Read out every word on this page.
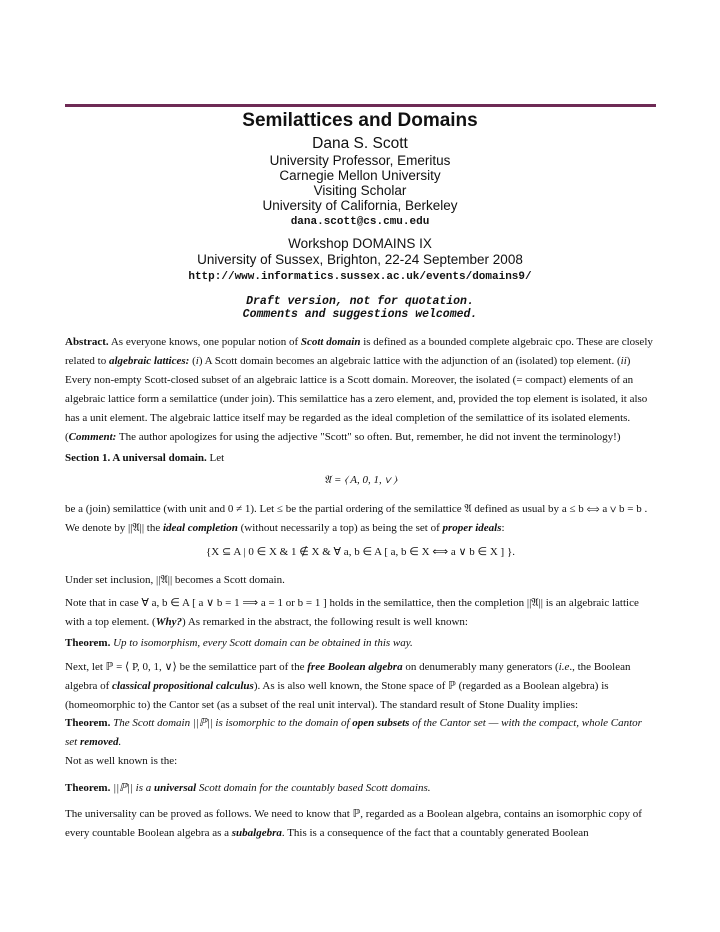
Semilattices and Domains
Dana S. Scott
University Professor, Emeritus
Carnegie Mellon University
Visiting Scholar
University of California, Berkeley
dana.scott@cs.cmu.edu
Workshop DOMAINS IX
University of Sussex, Brighton, 22-24 September 2008
http://www.informatics.sussex.ac.uk/events/domains9/
Draft version, not for quotation.
Comments and suggestions welcomed.
Abstract. As everyone knows, one popular notion of Scott domain is defined as a bounded complete algebraic cpo. These are closely related to algebraic lattices: (i) A Scott domain becomes an algebraic lattice with the adjunction of an (isolated) top element. (ii) Every non-empty Scott-closed subset of an algebraic lattice is a Scott domain. Moreover, the isolated (= compact) elements of an algebraic lattice form a semilattice (under join). This semilattice has a zero element, and, provided the top element is isolated, it also has a unit element. The algebraic lattice itself may be regarded as the ideal completion of the semilattice of its isolated elements. (Comment: The author apologizes for using the adjective "Scott" so often. But, remember, he did not invent the terminology!)
Section 1. A universal domain. Let
𝔄 = ⟨ A, 0, 1, ∨ ⟩
be a (join) semilattice (with unit and 0 ≠ 1). Let ≤ be the partial ordering of the semilattice 𝔄 defined as usual by a ≤ b ⟺ a ∨ b = b . We denote by ||𝔄|| the ideal completion (without necessarily a top) as being the set of proper ideals:
{X ⊆ A | 0 ∈ X & 1 ∉ X & ∀ a, b ∈ A [ a, b ∈ X ⟺ a ∨ b ∈ X ] }.
Under set inclusion, ||𝔄|| becomes a Scott domain.
Note that in case ∀ a, b ∈ A [ a ∨ b = 1 ⟹ a = 1 or b = 1 ] holds in the semilattice, then the completion ||𝔄|| is an algebraic lattice with a top element. (Why?) As remarked in the abstract, the following result is well known:
Theorem. Up to isomorphism, every Scott domain can be obtained in this way.
Next, let ℙ = ⟨ P, 0, 1, ∨⟩ be the semilattice part of the free Boolean algebra on denumerably many generators (i.e., the Boolean algebra of classical propositional calculus). As is also well known, the Stone space of ℙ (regarded as a Boolean algebra) is (homeomorphic to) the Cantor set (as a subset of the real unit interval). The standard result of Stone Duality implies:
Theorem. The Scott domain ||ℙ|| is isomorphic to the domain of open subsets of the Cantor set — with the compact, whole Cantor set removed.
Not as well known is the:
Theorem. ||ℙ|| is a universal Scott domain for the countably based Scott domains.
The universality can be proved as follows. We need to know that ℙ, regarded as a Boolean algebra, contains an isomorphic copy of every countable Boolean algebra as a subalgebra. This is a consequence of the fact that a countably generated Boolean
